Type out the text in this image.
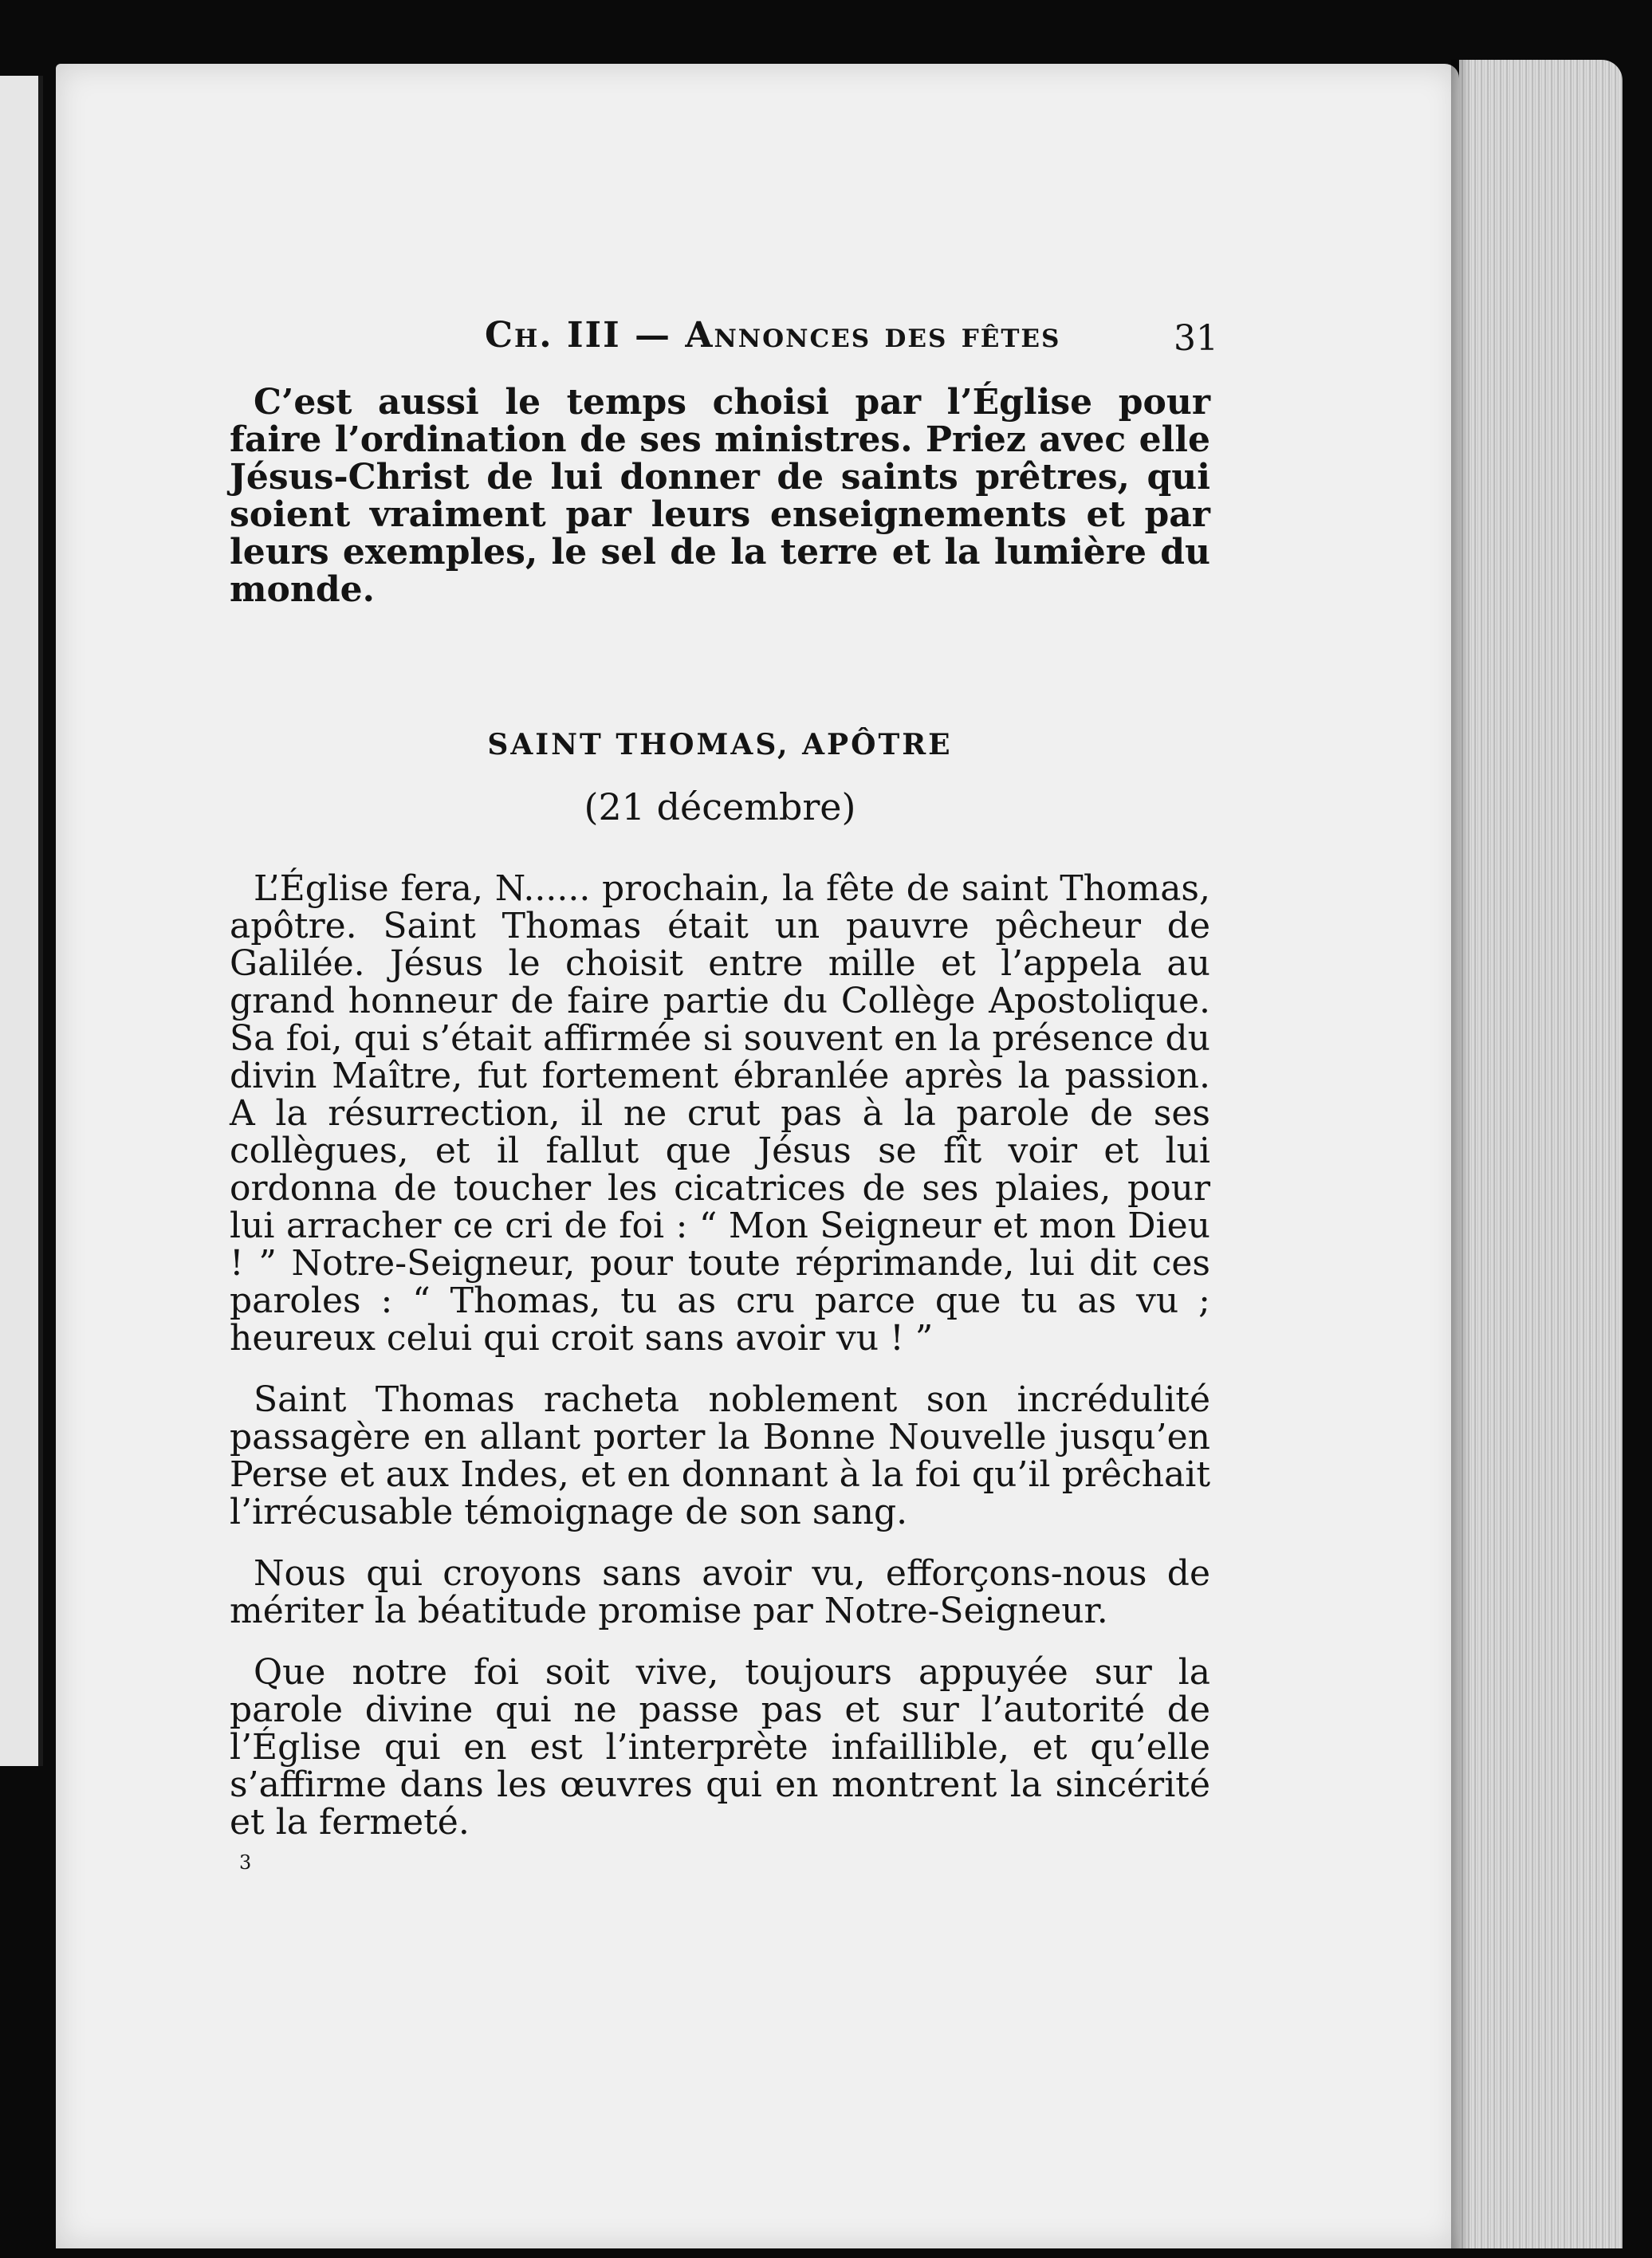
Ch. III — Annonces des fêtes	31

C’est aussi le temps choisi par l’Église pour faire l’ordination de ses ministres. Priez avec elle Jésus-Christ de lui donner de saints prêtres, qui soient vraiment par leurs enseignements et par leurs exemples, le sel de la terre et la lumière du monde.

SAINT THOMAS, APÔTRE
(21 décembre)

L’Église fera, N...... prochain, la fête de saint Thomas, apôtre. Saint Thomas était un pauvre pêcheur de Galilée. Jésus le choisit entre mille et l’appela au grand honneur de faire partie du Collège Apostolique. Sa foi, qui s’était affirmée si souvent en la présence du divin Maître, fut fortement ébranlée après la passion. A la résurrection, il ne crut pas à la parole de ses collègues, et il fallut que Jésus se fît voir et lui ordonna de toucher les cicatrices de ses plaies, pour lui arracher ce cri de foi : “ Mon Seigneur et mon Dieu ! ” Notre-Seigneur, pour toute réprimande, lui dit ces paroles : “ Thomas, tu as cru parce que tu as vu ; heureux celui qui croit sans avoir vu ! ”

Saint Thomas racheta noblement son incrédulité passagère en allant porter la Bonne Nouvelle jusqu’en Perse et aux Indes, et en donnant à la foi qu’il prêchait l’irrécusable témoignage de son sang.

Nous qui croyons sans avoir vu, efforçons-nous de mériter la béatitude promise par Notre-Seigneur.

Que notre foi soit vive, toujours appuyée sur la parole divine qui ne passe pas et sur l’autorité de l’Église qui en est l’interprète infaillible, et qu’elle s’affirme dans les œuvres qui en montrent la sincérité et la fermeté.

3
